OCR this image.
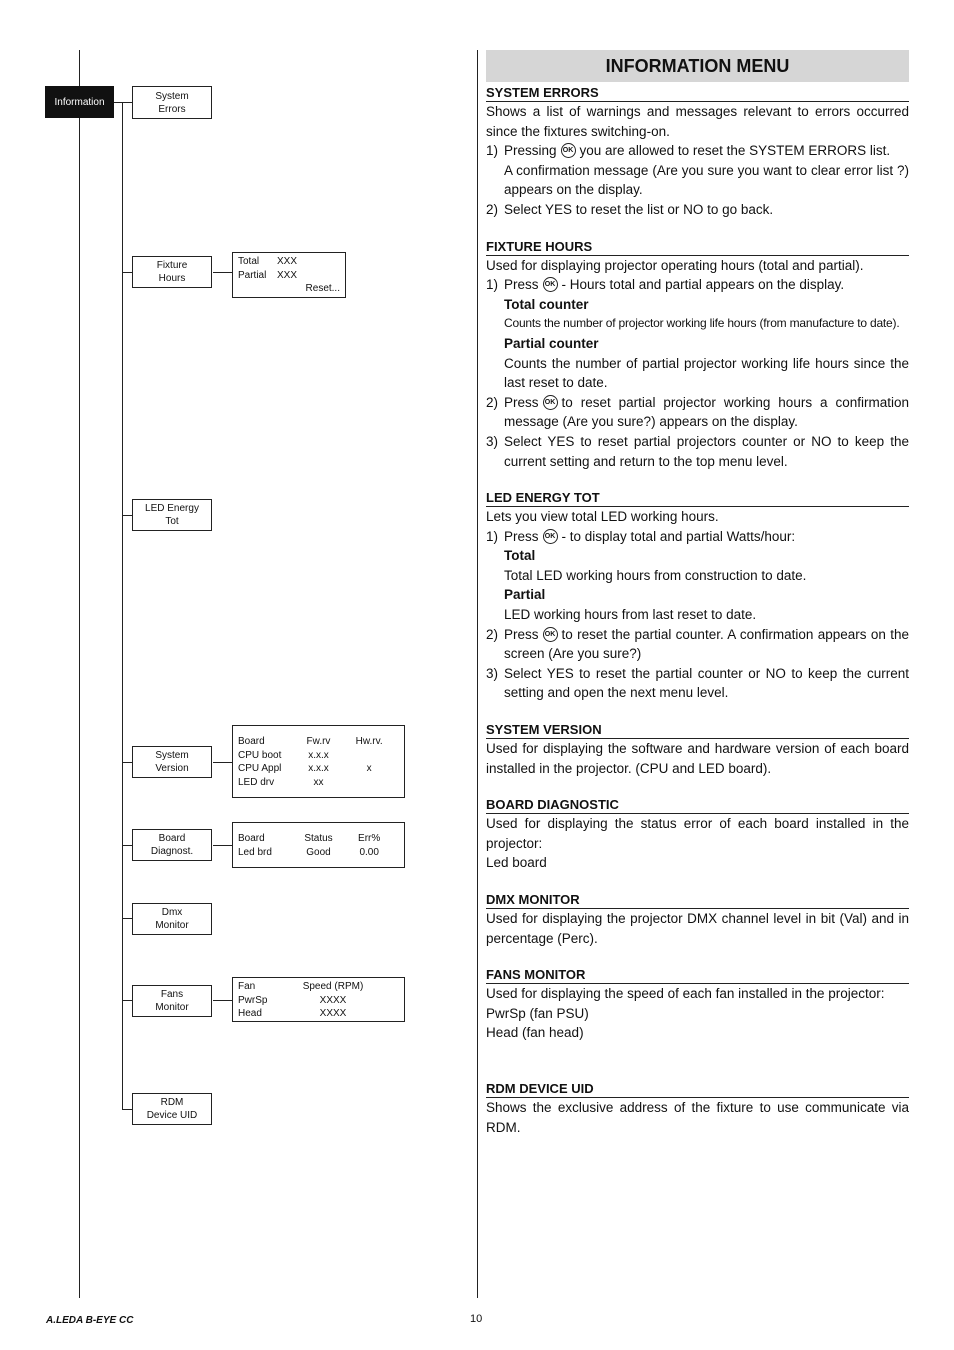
Information
System
Errors
Fixture
Hours
LED Energy
Tot
System
Version
Board
Diagnost.
Dmx
Monitor
Fans
Monitor
RDM
Device UID
Total	XXX
Partial	XXX
Reset...
Board	Fw.rv	Hw.rv.
CPU boot	x.x.x
CPU Appl	x.x.x	x
LED drv	xx
Board	Status	Err%
Led brd	Good	0.00
Fan	Speed (RPM)
PwrSp	XXXX
Head	XXXX
INFORMATION MENU
SYSTEM ERRORS
Shows a list of warnings and messages relevant to errors occurred since the fixtures switching-on.
1) Pressing OK you are allowed to reset the SYSTEM ERRORS list.
A confirmation message (Are you sure you want to clear error list ?) appears on the display.
2) Select YES to reset the list or NO to go back.
FIXTURE HOURS
Used for displaying projector operating hours (total and partial).
1) Press OK - Hours total and partial appears on the display.
Total counter
Counts the number of projector working life hours (from manufacture to date).
Partial counter
Counts the number of partial projector working life hours since the last reset to date.
2) Press OK to reset partial projector working hours a confirmation message (Are you sure?) appears on the display.
3) Select YES to reset partial projectors counter or NO to keep the current setting and return to the top menu level.
LED ENERGY TOT
Lets you view total LED working hours.
1) Press OK - to display total and partial Watts/hour:
Total
Total LED working hours from construction to date.
Partial
LED working hours from last reset to date.
2) Press OK to reset the partial counter. A confirmation appears on the screen (Are you sure?)
3) Select YES to reset the partial counter or NO to keep the current setting and open the next menu level.
SYSTEM VERSION
Used for displaying the software and hardware version of each board installed in the projector. (CPU and LED board).
BOARD DIAGNOSTIC
Used for displaying the status error of each board installed in the projector:
Led board
DMX MONITOR
Used for displaying the projector DMX channel level in bit (Val) and in percentage (Perc).
FANS MONITOR
Used for displaying the speed of each fan installed in the projector:
PwrSp (fan PSU)
Head (fan head)
RDM DEVICE UID
Shows the exclusive address of the fixture to use communicate via RDM.
A.LEDA B-EYE CC	10
